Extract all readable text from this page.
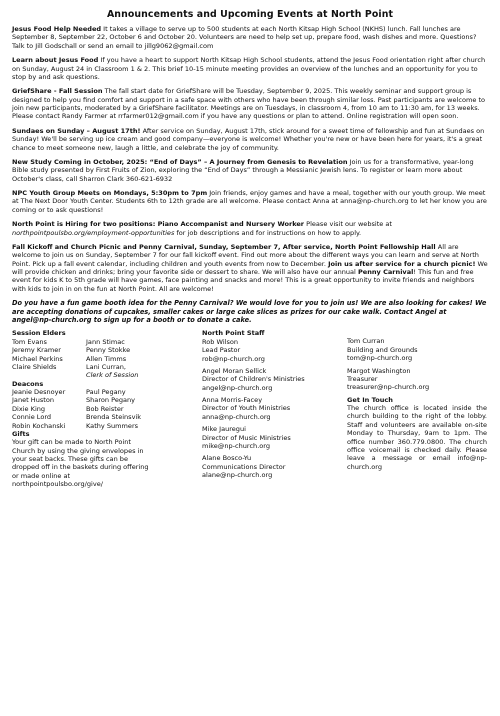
Announcements and Upcoming Events at North Point
Jesus Food Help Needed It takes a village to serve up to 500 students at each North Kitsap High School (NKHS) lunch. Fall lunches are September 8, September 22, October 6 and October 20. Volunteers are need to help set up, prepare food, wash dishes and more. Questions? Talk to Jill Godschall or send an email to jillg9062@gmail.com
Learn about Jesus Food If you have a heart to support North Kitsap High School students, attend the Jesus Food orientation right after church on Sunday, August 24 in Classroom 1 & 2. This brief 10-15 minute meeting provides an overview of the lunches and an opportunity for you to stop by and ask questions.
GriefShare - Fall Session The fall start date for GriefShare will be Tuesday, September 9, 2025. This weekly seminar and support group is designed to help you find comfort and support in a safe space with others who have been through similar loss. Past participants are welcome to join new participants, moderated by a GriefShare facilitator. Meetings are on Tuesdays, in classroom 4, from 10 am to 11:30 am, for 13 weeks. Please contact Randy Farmer at rrfarmer012@gmail.com if you have any questions or plan to attend. Online registration will open soon.
Sundaes on Sunday – August 17th! After service on Sunday, August 17th, stick around for a sweet time of fellowship and fun at Sundaes on Sunday! We'll be serving up ice cream and good company—everyone is welcome! Whether you're new or have been here for years, it's a great chance to meet someone new, laugh a little, and celebrate the joy of community.
New Study Coming in October, 2025: “End of Days” – A Journey from Genesis to Revelation Join us for a transformative, year-long Bible study presented by First Fruits of Zion, exploring the “End of Days” through a Messianic Jewish lens. To register or learn more about October's class, call Sharron Clark 360-621-6932
NPC Youth Group Meets on Mondays, 5:30pm to 7pm Join friends, enjoy games and have a meal, together with our youth group. We meet at The Next Door Youth Center. Students 6th to 12th grade are all welcome. Please contact Anna at anna@np-church.org to let her know you are coming or to ask questions!
North Point is Hiring for two positions: Piano Accompanist and Nursery Worker Please visit our website at northpointpoulsbo.org/employment-opportunities for job descriptions and for instructions on how to apply.
Fall Kickoff and Church Picnic and Penny Carnival, Sunday, September 7, After service, North Point Fellowship Hall All are welcome to join us on Sunday, September 7 for our fall kickoff event. Find out more about the different ways you can learn and serve at North Point. Pick up a fall event calendar, including children and youth events from now to December. Join us after service for a church picnic! We will provide chicken and drinks; bring your favorite side or dessert to share. We will also have our annual Penny Carnival! This fun and free event for kids K to 5th grade will have games, face painting and snacks and more! This is a great opportunity to invite friends and neighbors with kids to join in on the fun at North Point. All are welcome!
Do you have a fun game booth idea for the Penny Carnival? We would love for you to join us! We are also looking for cakes! We are accepting donations of cupcakes, smaller cakes or large cake slices as prizes for our cake walk. Contact Angel at angel@np-church.org to sign up for a booth or to donate a cake.
Session Elders
Tom Evans
Jeremy Kramer
Michael Perkins
Claire Shields
Jann Stimac
Penny Stokke
Allen Timms
Lani Curran,
Clerk of Session
Deacons
Jeanie Desnoyer
Janet Huston
Dixie King
Connie Lord
Robin Kochanski
Paul Pegany
Sharon Pegany
Bob Reister
Brenda Steinsvik
Kathy Summers
Gifts
Your gift can be made to North Point
Church by using the giving envelopes in
your seat backs. These gifts can be
dropped off in the baskets during offering
or made online at
northpointpoulsbo.org/give/
North Point Staff
Rob Wilson
Lead Pastor
rob@np-church.org
Angel Moran Sellick
Director of Children's Ministries
angel@np-church.org
Anna Morris-Facey
Director of Youth Ministries
anna@np-church.org
Mike Jauregui
Director of Music Ministries
mike@np-church.org
Alane Bosco-Yu
Communications Director
alane@np-church.org
Tom Curran
Building and Grounds
tom@np-church.org
Margot Washington
Treasurer
treasurer@np-church.org
Get In Touch
The church office is located inside the church building to the right of the lobby. Staff and volunteers are available on-site Monday to Thursday, 9am to 1pm. The office number 360.779.0800. The church office voicemail is checked daily. Please leave a message or email info@np-church.org
